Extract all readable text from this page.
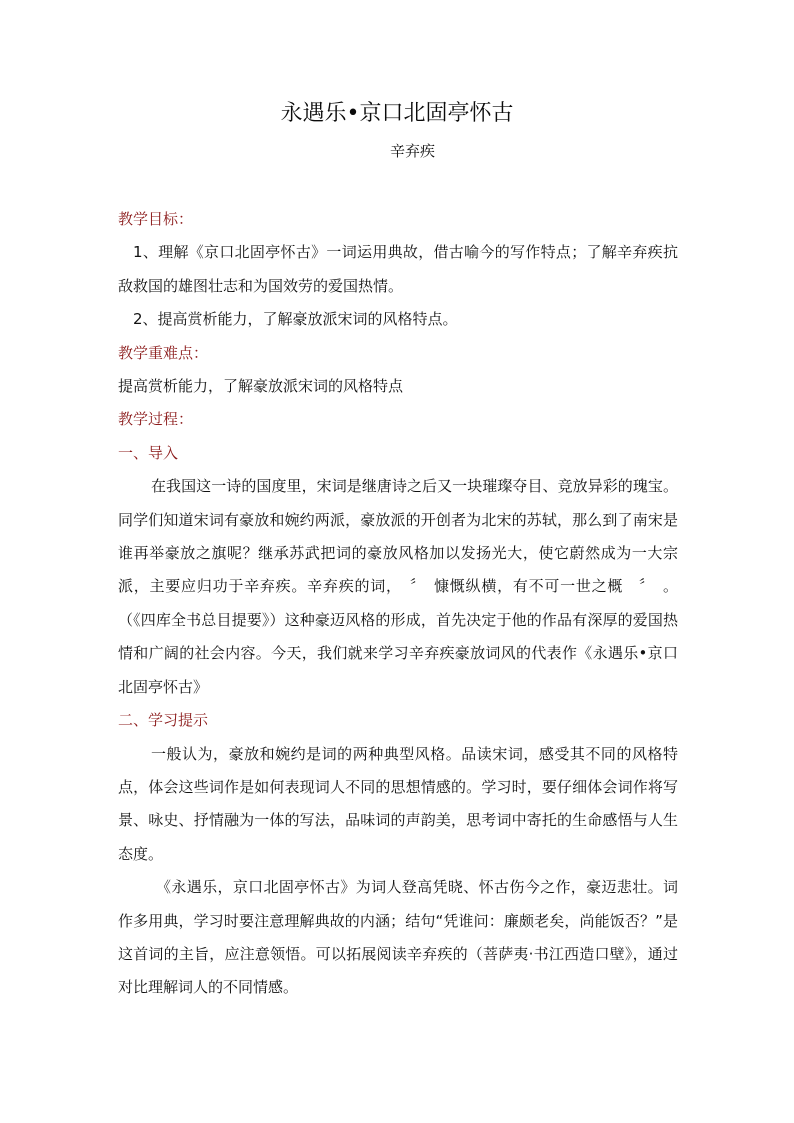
永遇乐•京口北固亭怀古
辛弃疾

教学目标：

1、理解《京口北固亭怀古》一词运用典故，借古喻今的写作特点；了解辛弃疾抗敌救国的雄图壮志和为国效劳的爱国热情。

2、提高赏析能力，了解豪放派宋词的风格特点。

教学重难点：

提高赏析能力，了解豪放派宋词的风格特点

教学过程：

一、导入

在我国这一诗的国度里，宋词是继唐诗之后又一块璀璨夺目、竞放异彩的瑰宝。同学们知道宋词有豪放和婉约两派，豪放派的开创者为北宋的苏轼，那么到了南宋是谁再举豪放之旗呢？继承苏武把词的豪放风格加以发扬光大，使它蔚然成为一大宗派，主要应归功于辛弃疾。辛弃疾的词，　〞　慷慨纵横，有不可一世之概　〞　。（《四库全书总目提要》）这种豪迈风格的形成，首先决定于他的作品有深厚的爱国热情和广阔的社会内容。今天，我们就来学习辛弃疾豪放词风的代表作《永遇乐•京口北固亭怀古》

二、学习提示

一般认为，豪放和婉约是词的两种典型风格。品读宋词，感受其不同的风格特点，体会这些词作是如何表现词人不同的思想情感的。学习时，要仔细体会词作将写景、咏史、抒情融为一体的写法，品味词的声韵美，思考词中寄托的生命感悟与人生态度。

《永遇乐，京口北固亭怀古》为词人登高凭晓、怀古伤今之作，豪迈悲壮。词作多用典，学习时要注意理解典故的内涵；结句“凭谁问：廉颇老矣，尚能饭否？”是这首词的主旨，应注意领悟。可以拓展阅读辛弃疾的（菩萨夷·书江西造口壁》，通过对比理解词人的不同情感。
